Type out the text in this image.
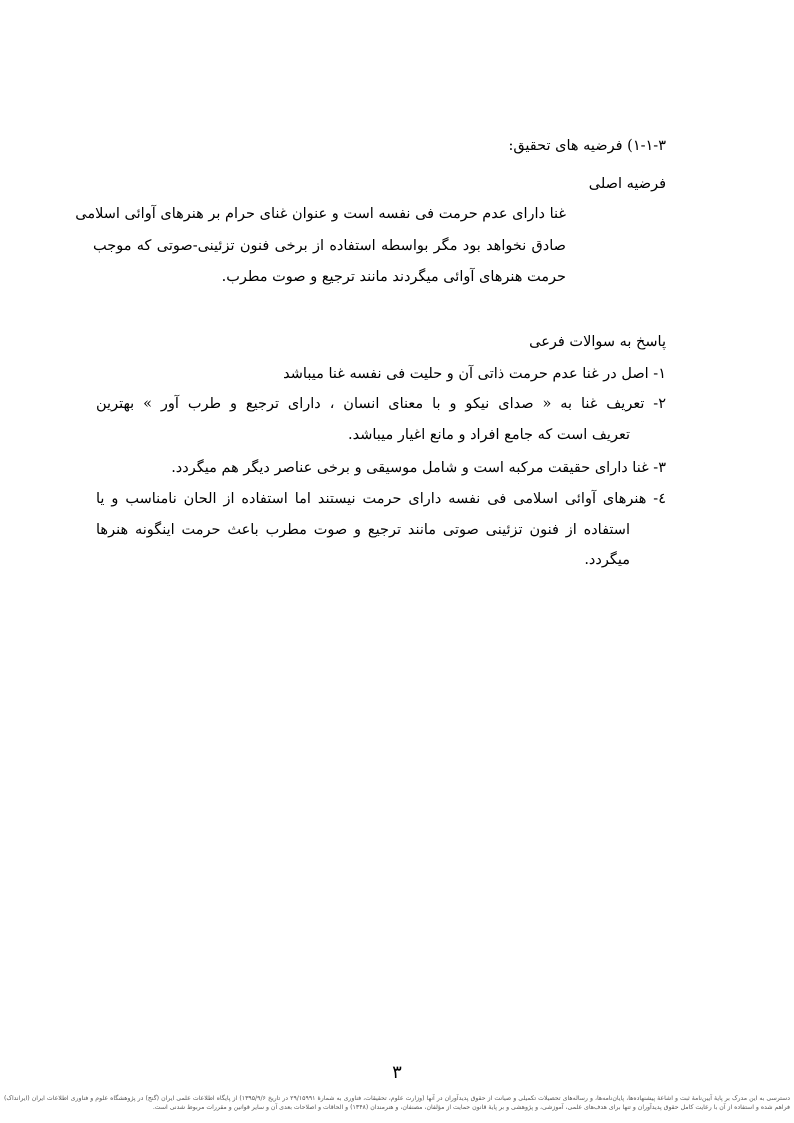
۱-۱-۳) فرضیه های تحقیق:
فرضیه اصلی
غنا دارای عدم حرمت فی نفسه است و عنوان غنای حرام بر هنرهای آوائی اسلامی
صادق نخواهد بود مگر بواسطه استفاده از برخی فنون تزئینی-صوتی که موجب
حرمت هنرهای آوائی میگردند مانند ترجیع و صوت مطرب.
پاسخ به سوالات فرعی
۱- اصل در غنا عدم حرمت ذاتی آن و حلیت فی نفسه غنا میباشد
۲- تعریف غنا به « صدای نیکو و با معنای انسان ، دارای ترجیع و طرب آور » بهترین
تعریف است که جامع افراد و مانع اغیار میباشد.
۳- غنا دارای حقیقت مرکبه است و شامل موسیقی و برخی عناصر دیگر هم میگردد.
٤- هنرهای آوائی اسلامی فی نفسه دارای حرمت نیستند اما استفاده از الحان نامناسب و یا
استفاده از فنون تزئینی صوتی مانند ترجیع و صوت مطرب باعث حرمت اینگونه هنرها
میگردد.
۳
دسترسی به این مدرک بر پایهٔ آیین‌نامهٔ ثبت و اشاعهٔ پیشنهاده‌ها، پایان‌نامه‌ها، و رساله‌های تحصیلات تکمیلی و صیانت از حقوق پدیدآوران در آنها (وزارت علوم، تحقیقات، فناوری به شمارهٔ ۲۹/۱۵۹۹۱ در تاریخ ۱۳۹۵/۹/۶) از پایگاه اطلاعات علمی ایران (گنج) در پژوهشگاه علوم و فناوری اطلاعات ایران (ایرانداک) فراهم شده و استفاده از آن با رعایت کامل حقوق پدیدآوران و تنها برای هدف‌های علمی، آموزشی، و پژوهشی و بر پایهٔ قانون حمایت از مؤلفان، مصنفان، و هنرمندان (۱۳۴۸) و الحاقات و اصلاحات بعدی آن و سایر قوانین و مقررات مربوط شدنی است.
